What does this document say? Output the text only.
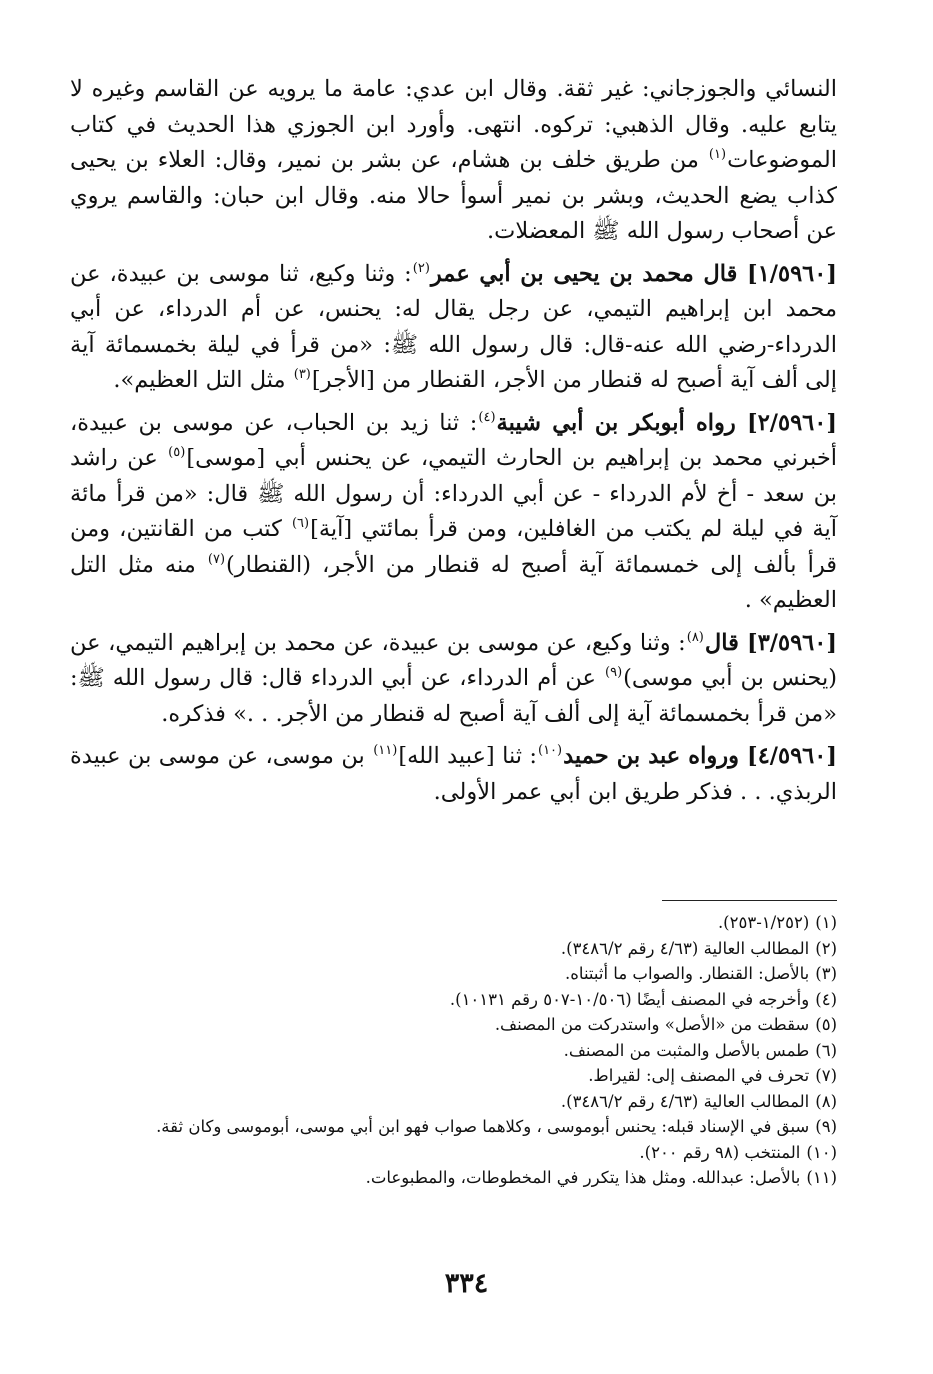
النسائي والجوزجاني: غير ثقة. وقال ابن عدي: عامة ما يرويه عن القاسم وغيره لا يتابع عليه. وقال الذهبي: تركوه. انتهى. وأورد ابن الجوزي هذا الحديث في كتاب الموضوعات$^{(١)}$ من طريق خلف بن هشام، عن بشر بن نمير، وقال: العلاء بن يحيى كذاب يضع الحديث، وبشر بن نمير أسوأ حالا منه. وقال ابن حبان: والقاسم يروي عن أصحاب رسول الله ﷺ المعضلات.

[١/٥٩٦٠] قال محمد بن يحيى بن أبي عمر$^{(٢)}$: وثنا وكيع، ثنا موسى بن عبيدة، عن محمد ابن إبراهيم التيمي، عن رجل يقال له: يحنس، عن أم الدرداء، عن أبي الدرداء-رضي الله عنه-قال: قال رسول الله ﷺ: «من قرأ في ليلة بخمسمائة آية إلى ألف آية أصبح له قنطار من الأجر، القنطار من [الأجر]$^{(٣)}$ مثل التل العظيم».

[٢/٥٩٦٠] رواه أبوبكر بن أبي شيبة$^{(٤)}$: ثنا زيد بن الحباب، عن موسى بن عبيدة، أخبرني محمد بن إبراهيم بن الحارث التيمي، عن يحنس أبي [موسى]$^{(٥)}$ عن راشد بن سعد - أخ لأم الدرداء - عن أبي الدرداء: أن رسول الله ﷺ قال: «من قرأ مائة آية في ليلة لم يكتب من الغافلين، ومن قرأ بمائتي [آية]$^{(٦)}$ كتب من القانتين، ومن قرأ بألف إلى خمسمائة آية أصبح له قنطار من الأجر، (القنطار)$^{(٧)}$ منه مثل التل العظيم» .

[٣/٥٩٦٠] قال$^{(٨)}$: وثنا وكيع، عن موسى بن عبيدة، عن محمد بن إبراهيم التيمي، عن (يحنس بن أبي موسى)$^{(٩)}$ عن أم الدرداء، عن أبي الدرداء قال: قال رسول الله ﷺ: «من قرأ بخمسمائة آية إلى ألف آية أصبح له قنطار من الأجر. . .» فذكره.

[٤/٥٩٦٠] ورواه عبد بن حميد$^{(١٠)}$: ثنا [عبيد الله]$^{(١١)}$ بن موسى، عن موسى بن عبيدة الربذي. . . فذكر طريق ابن أبي عمر الأولى.

(١)
(١/٢٥٢-٢٥٣).
(٢)
المطالب العالية (٤/٦٣ رقم ٣٤٨٦/٢).
(٣)
بالأصل: القنطار. والصواب ما أثبتناه.
(٤)
وأخرجه في المصنف أيضًا (١٠/٥٠٦-٥٠٧ رقم ١٠١٣١).
(٥)
سقطت من «الأصل» واستدركت من المصنف.
(٦)
طمس بالأصل والمثبت من المصنف.
(٧)
تحرف في المصنف إلى: لقيراط.
(٨)
المطالب العالية (٤/٦٣ رقم ٣٤٨٦/٢).
(٩)
سبق في الإسناد قبله: يحنس أبوموسى ، وكلاهما صواب فهو ابن أبي موسى، أبوموسى وكان ثقة.
(١٠)
المنتخب (٩٨ رقم ٢٠٠).
(١١)
بالأصل: عبدالله. ومثل هذا يتكرر في المخطوطات، والمطبوعات.
٣٣٤
